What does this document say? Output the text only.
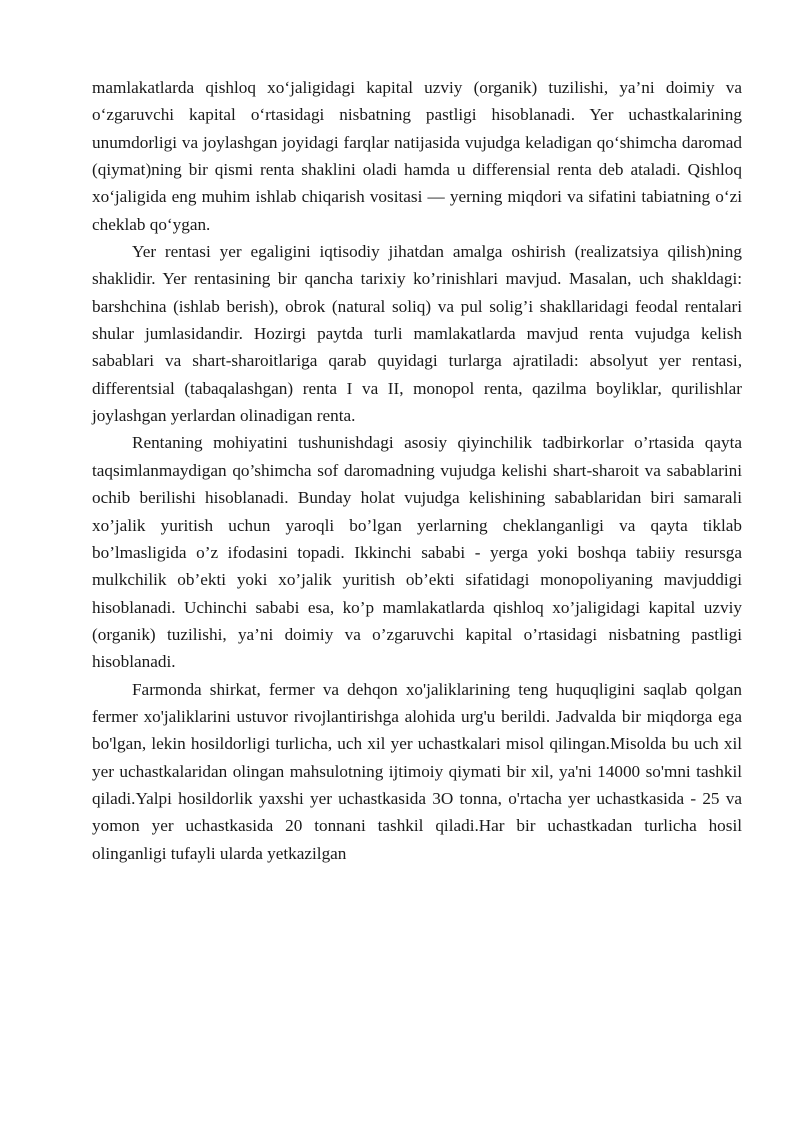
mamlakatlarda qishloq xo‘jaligidagi kapital uzviy (organik) tuzilishi, ya’ni doimiy va o‘zgaruvchi kapital o‘rtasidagi nisbatning pastligi hisoblanadi. Yer uchastkalarining unumdorligi va joylashgan joyidagi farqlar natijasida vujudga keladigan qo‘shimcha daromad (qiymat)ning bir qismi renta shaklini oladi hamda u differensial renta deb ataladi. Qishloq xo‘jaligida eng muhim ishlab chiqarish vositasi — yerning miqdori va sifatini tabiatning o‘zi cheklab qo‘ygan.

Yer rentasi yer egaligini iqtisodiy jihatdan amalga oshirish (realizatsiya qilish)ning shaklidir. Yer rentasining bir qancha tarixiy ko’rinishlari mavjud. Masalan, uch shakldagi: barshchina (ishlab berish), obrok (natural soliq) va pul solig’i shakllaridagi feodal rentalari shular jumlasidandir. Hozirgi paytda turli mamlakatlarda mavjud renta vujudga kelish sabablari va shart-sharoitlariga qarab quyidagi turlarga ajratiladi: absolyut yer rentasi, differentsial (tabaqalashgan) renta I va II, monopol renta, qazilma boyliklar, qurilishlar joylashgan yerlardan olinadigan renta.

Rentaning mohiyatini tushunishdagi asosiy qiyinchilik tadbirkorlar o’rtasida qayta taqsimlanmaydigan qo’shimcha sof daromadning vujudga kelishi shart-sharoit va sabablarini ochib berilishi hisoblanadi. Bunday holat vujudga kelishining sabablaridan biri samarali xo’jalik yuritish uchun yaroqli bo’lgan yerlarning cheklanganligi va qayta tiklab bo’lmasligida o’z ifodasini topadi. Ikkinchi sababi - yerga yoki boshqa tabiiy resursga mulkchilik ob’ekti yoki xo’jalik yuritish ob’ekti sifatidagi monopoliyaning mavjuddigi hisoblanadi. Uchinchi sababi esa, ko’p mamlakatlarda qishloq xo’jaligidagi kapital uzviy (organik) tuzilishi, ya’ni doimiy va o’zgaruvchi kapital o’rtasidagi nisbatning pastligi hisoblanadi.

Farmonda shirkat, fermer va dehqon xo'jaliklarining teng huquqligini saqlab qolgan fermer xo'jaliklarini ustuvor rivojlantirishga alohida urg'u berildi. Jadvalda bir miqdorga ega bo'lgan, lekin hosildorligi turlicha, uch xil yer uchastkalari misol qilingan.Misolda bu uch xil yer uchastkalaridan olingan mahsulotning ijtimoiy qiymati bir xil, ya'ni 14000 so'mni tashkil qiladi.Yalpi hosildorlik yaxshi yer uchastkasida 3O tonna, o'rtacha yer uchastkasida - 25 va yomon yer uchastkasida 20 tonnani tashkil qiladi.Har bir uchastkadan turlicha hosil olinganligi tufayli ularda yetkazilgan
